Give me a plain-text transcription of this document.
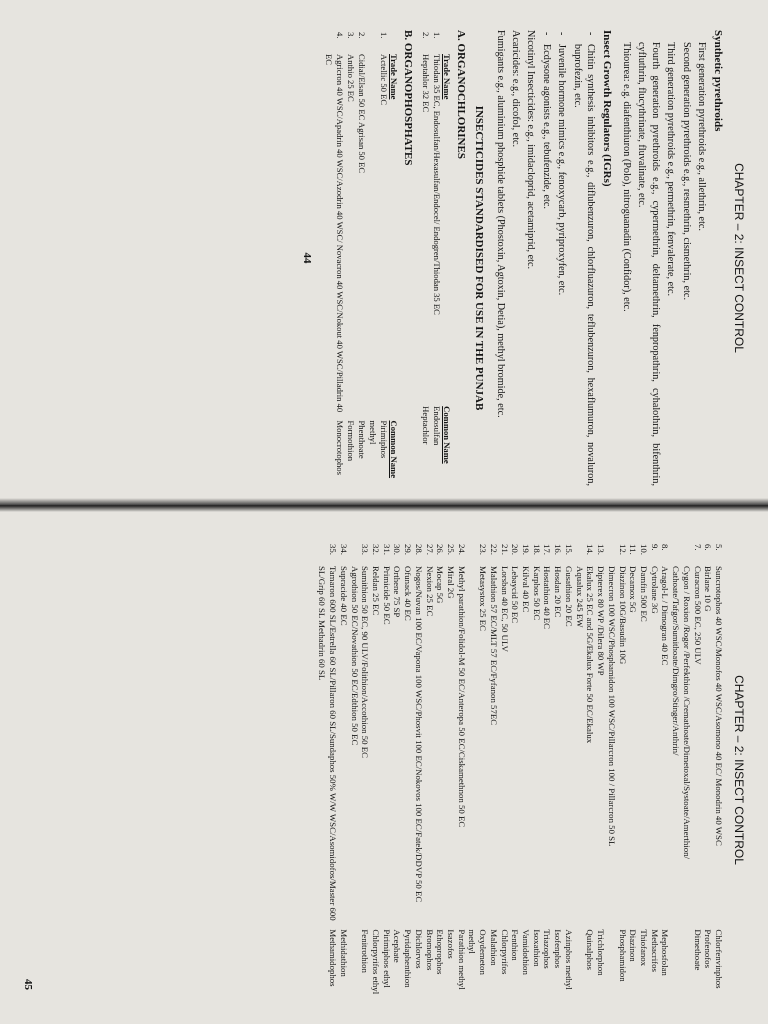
CHAPTER – 2: INSECT CONTROL
Synthetic pyrethroids
First generation pyrethroids e.g., allethrin, etc.
Second generation pyrethroids e.g., resmethrin, cismethrin, etc.
Third generation pyrethroids e.g., permethrin, fenvalerate, etc.
Fourth generation pyrethroids e.g., cypermethrin, deltamethrin, fenpropathrin, cyhalothrin, bifenthrin, cyfluthrin, flucythrinate, fluvalinate, etc.
Thiourea: e.g. diafenthiuron (Polo), nitroguanadin (Confidor), etc.
Insect Growth Regulators (IGRs)
- Chitin synthesis inhibitors e.g., diflubenzuron, chlorfluazuron, teflubenzuron, hexaflumuron, novaluron, buprofezin, etc.
- Juvenile hormone mimics e.g., fenoxycarb, pyriproxyfen, etc.
- Ecdysone agonists e.g., tebufenzide, etc.
Nicotinyl Insecticides: e.g., imidacloprid, acetamiprid, etc.
Acaricides: e.g., dicofol, etc.
Fumigants e.g., aluminium phosphide tablets (Phostoxin, Agtoxin, Detia), methyl bromide, etc.
INSECTICIDES STANDARDISED FOR USE IN THE PUNJAB
A. ORGANOCHLORINES
	Trade Name	Common Name
1.	Thiodan 35 EC, Endosulfan/Hexasulfan/Endocel/ Endogren/Thiodan 35 EC	Endosulfan
2.	Heptahlor 32 EC	Heptachlor
B. ORGANOPHOSPHATES
	Trade Name	Common Name
1.	Actellic 50 EC	Pirimiphos methyl
2.	Cidial/Elsan 50 EC Agrisan 50 EC	Phenthoate
3.	Anthio 25 EC	Formothion
4.	Agricron 40 WSC/Apadrin 40 WSC/Azodrin 40 WSC/ Novacron 40 WSC/Nokout 40 WSC/Pilladrin 40 EC	Monocrotophos
44
CHAPTER – 2: INSECT CONTROL
5.	Suncrotophos 40 WSC/Monofos 40 WSC/Asomono 40 EC/ Monodrin 40 WSC	Chlorfenvinphos
6.	Birlane 10 G	Profenofos
7.	Curacron 500 EC, 250 ULV	Dimethoate
	Cygon / Roxion /Rogor /Perfekthion /Cremathoate/Dimetoxal/Systoate/Amerthion/ Cathoate/Tafgor/Sumithoate/Dimgro/Stinger/Anthrin/	
8.	Aragol-L / Dimogran 40 EC	Mephosfolan
9.	Cytrolane 3G	Methacrifos
10.	Damfin 500 EC	Thiofanox
11.	Decamox 5G	Diazinon
12.	Diazinon 10G/Basudin 10G	Phosphamidon
	Dimecron 100 WSC/Phosphamidon 100 WSC/Pillarcron 100 / Pillarcron 50 SL	
13.	Dipterex 80 WP /Dilera 80 WP	Trichlorphon
14.	Ekalux 25 EC and 5G/Ekalux Forte 50 EC/Ekalux	Quinalphos
	Aqualux 245 EW	
15.	Gusathion 20 EC	Azinphos methyl
16.	Hosdan 20 EC	Isofenphos
17.	Hostathion 40 EC	Triazophos
18.	Karphos 50 EC	Isoxathion
19.	Kilval 40 EC	Vamidothion
20.	Lebaycid 50 EC	Fenthion
21.	Lorsban 40 EC, 50 ULV	Chlorpyrifos
22.	Malathion 57 EC/MLT 57 EC/Fyfanon 57EC	Malathion
23.	Metasystox 25 EC	Oxydemeton methyl
24.	Methyl parathion/Folidol-M 50 EC/Anteropa 50 EC/Ciskamethnon 50 EC	Parathion methyl
25.	Miral 2G	Isazofos
26.	Mocap 5G	Ethoprophos
27.	Nexion 25 EC	Bromophos
28.	Nogos/Nuvan 100 EC/Vapona 100 WSC/Phosvit 100 EC/Nokovos 100 EC/Fatek/DDVP 50 EC	Dichlorvos
29.	Ofunack 40 EC	Pyridaphenthion
30.	Orthene 75 SP	Acephate
31.	Primicide 50 EC	Pirimiphos ethyl
32.	Reldan 25 EC	Chlorpyrifos ethyl
33.	Sumithion 50 EC, 90 ULV/Folithion/Accothion 50 EC	Fenitrothion
	Agrothion 50 EC/Novathion 50 EC/Edthion 50 EC	
34.	Supracide 40 EC	Methidathion
35.	Tamaron 600 SL/Estrella 60 SL/Pillaron 60 SL/Sundaphos 50% W/W WSC/Asomidofos/Master 600 SL/Grip 60 SL Methadrin 60 SL	Methamidophos
45
